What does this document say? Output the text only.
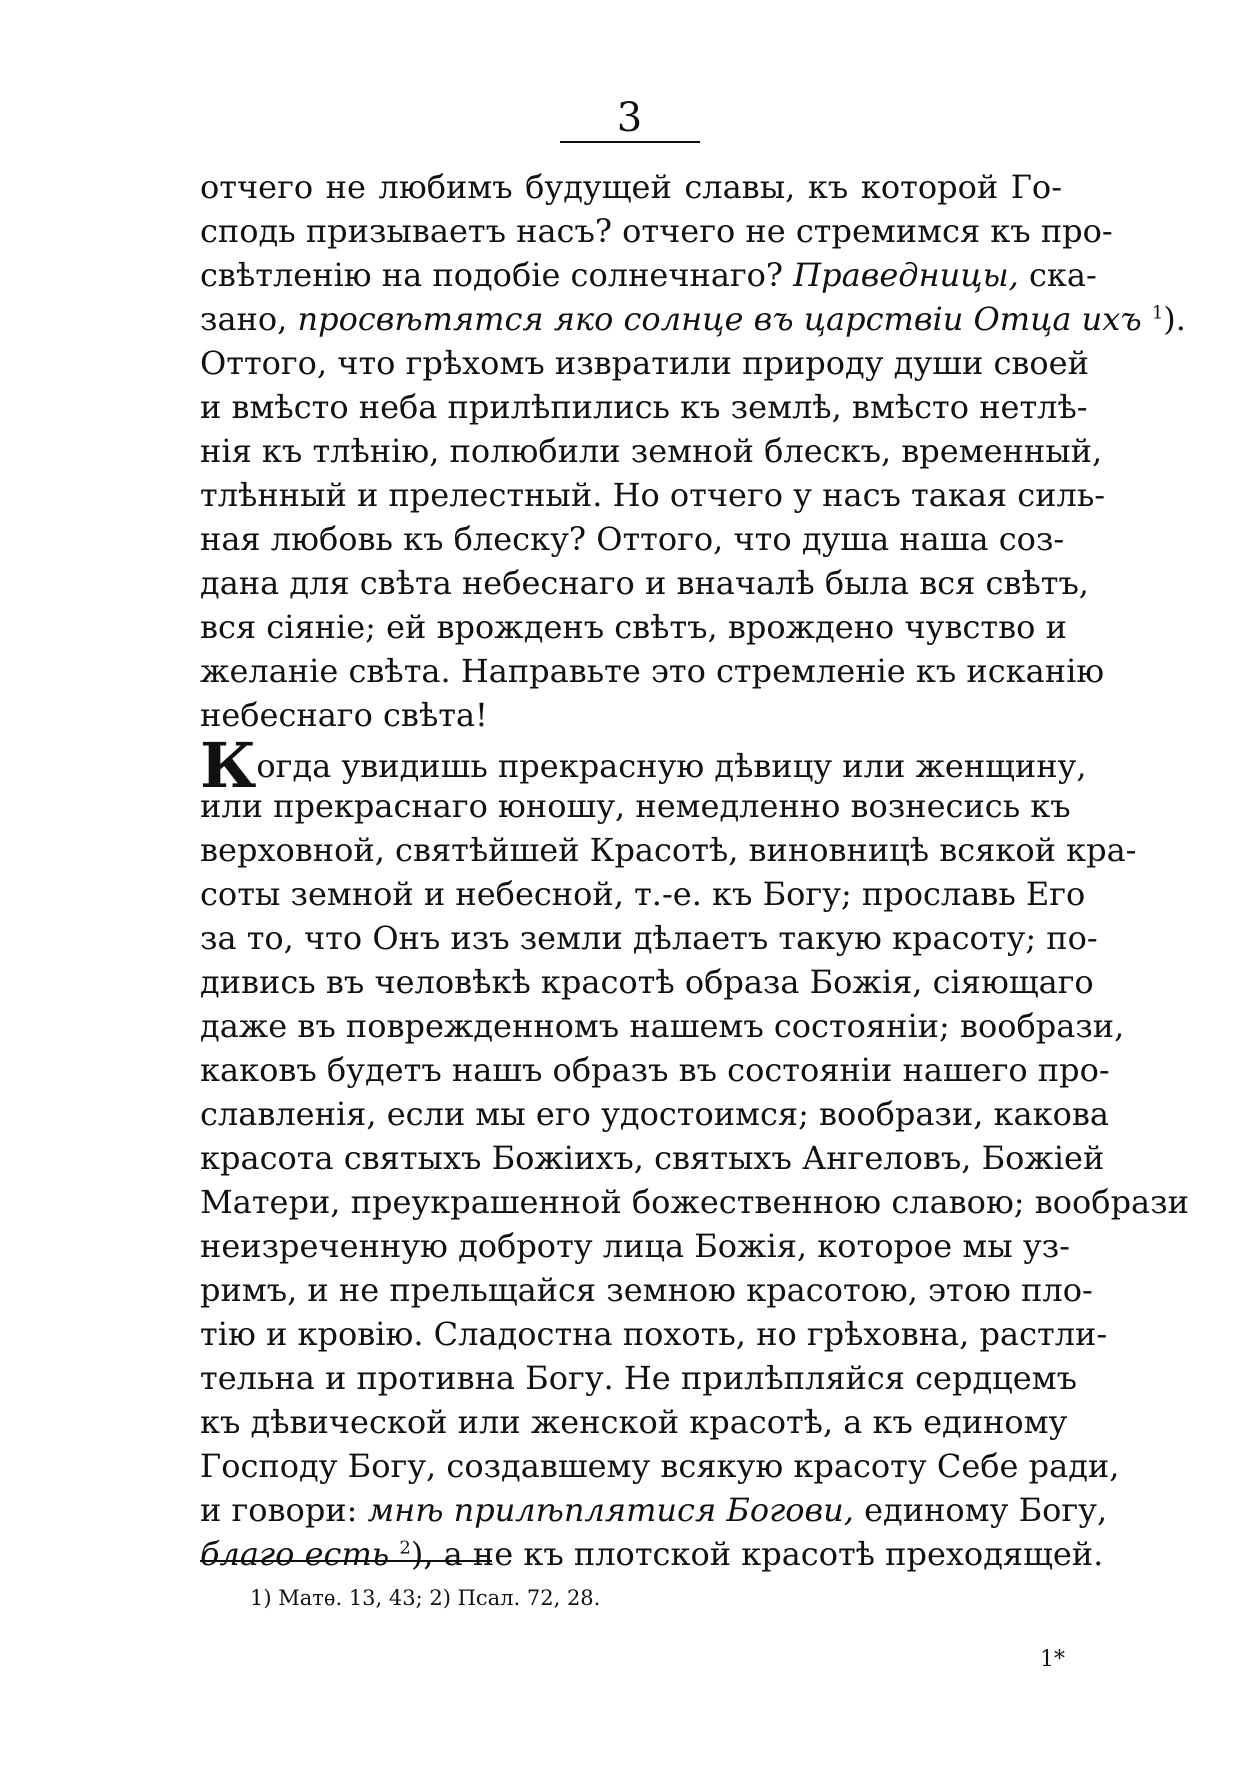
3
отчего не любимъ будущей славы, къ которой Го-
сподь призываетъ насъ? отчего не стремимся къ про-
свѣтленію на подобіе солнечнаго? Праведницы, ска-
зано, просвѣтятся яко солнце въ царствіи Отца ихъ $^1$).
Оттого, что грѣхомъ извратили природу души своей
и вмѣсто неба прилѣпились къ землѣ, вмѣсто нетлѣ-
нія къ тлѣнію, полюбили земной блескъ, временный,
тлѣнный и прелестный. Но отчего у насъ такая силь-
ная любовь къ блеску? Оттого, что душа наша соз-
дана для свѣта небеснаго и вначалѣ была вся свѣтъ,
вся сіяніе; ей врожденъ свѣтъ, врождено чувство и
желаніе свѣта. Направьте это стремленіе къ исканію
небеснаго свѣта!
Когда увидишь прекрасную дѣвицу или женщину,
или прекраснаго юношу, немедленно вознесись къ
верховной, святѣйшей Красотѣ, виновницѣ всякой кра-
соты земной и небесной, т.-е. къ Богу; прославь Его
за то, что Онъ изъ земли дѣлаетъ такую красоту; по-
дивись въ человѣкѣ красотѣ образа Божія, сіяющаго
даже въ поврежденномъ нашемъ состояніи; вообрази,
каковъ будетъ нашъ образъ въ состояніи нашего про-
славленія, если мы его удостоимся; вообрази, какова
красота святыхъ Божіихъ, святыхъ Ангеловъ, Божіей
Матери, преукрашенной божественною славою; вообрази
неизреченную доброту лица Божія, которое мы уз-
римъ, и не прельщайся земною красотою, этою пло-
тію и кровію. Сладостна похоть, но грѣховна, растли-
тельна и противна Богу. Не прилѣпляйся сердцемъ
къ дѣвической или женской красотѣ, а къ единому
Господу Богу, создавшему всякую красоту Себе ради,
и говори: мнѣ прилѣплятися Богови, единому Богу,
благо есть $^2$), а не къ плотской красотѣ преходящей.
1) Матѳ. 13, 43; 2) Псал. 72, 28.
1*
